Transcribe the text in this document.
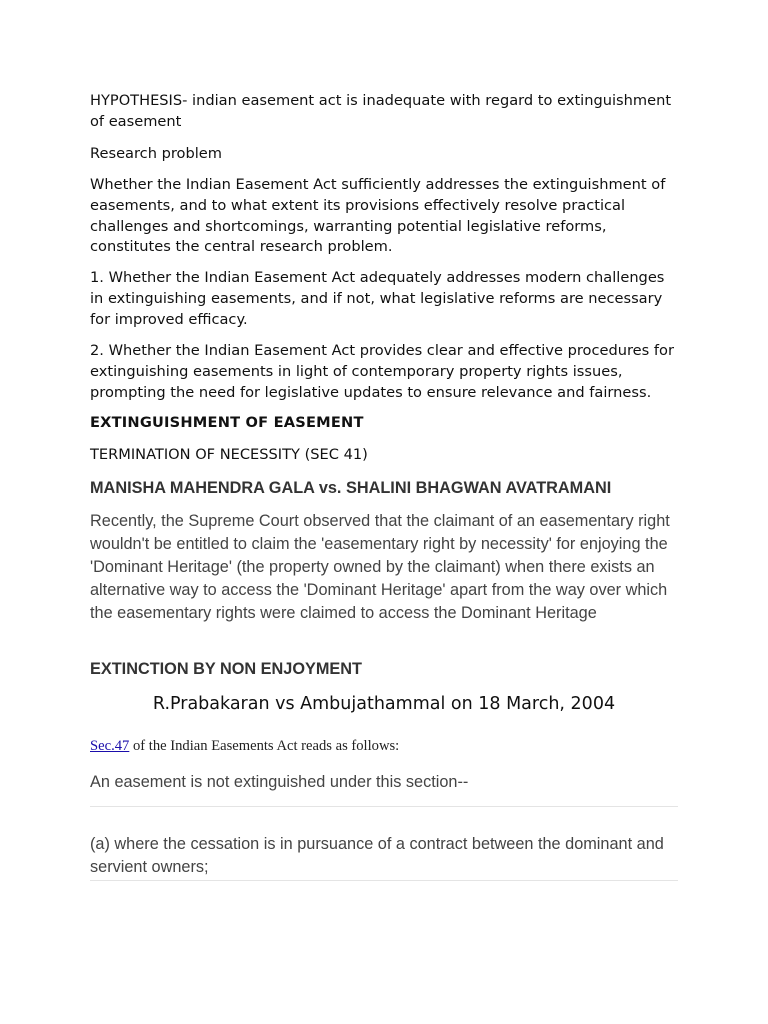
HYPOTHESIS- indian easement act is inadequate with regard to extinguishment of easement

Research problem

Whether the Indian Easement Act sufficiently addresses the extinguishment of easements, and to what extent its provisions effectively resolve practical challenges and shortcomings, warranting potential legislative reforms, constitutes the central research problem.

1. Whether the Indian Easement Act adequately addresses modern challenges in extinguishing easements, and if not, what legislative reforms are necessary for improved efficacy.

2. Whether the Indian Easement Act provides clear and effective procedures for extinguishing easements in light of contemporary property rights issues, prompting the need for legislative updates to ensure relevance and fairness.

EXTINGUISHMENT OF EASEMENT

TERMINATION OF NECESSITY (SEC 41)

MANISHA MAHENDRA GALA vs. SHALINI BHAGWAN AVATRAMANI

Recently, the Supreme Court observed that the claimant of an easementary right wouldn't be entitled to claim the 'easementary right by necessity' for enjoying the 'Dominant Heritage' (the property owned by the claimant) when there exists an alternative way to access the 'Dominant Heritage' apart from the way over which the easementary rights were claimed to access the Dominant Heritage

EXTINCTION BY NON ENJOYMENT

R.Prabakaran vs Ambujathammal on 18 March, 2004

Sec.47 of the Indian Easements Act reads as follows:

An easement is not extinguished under this section--

(a) where the cessation is in pursuance of a contract between the dominant and servient owners;
